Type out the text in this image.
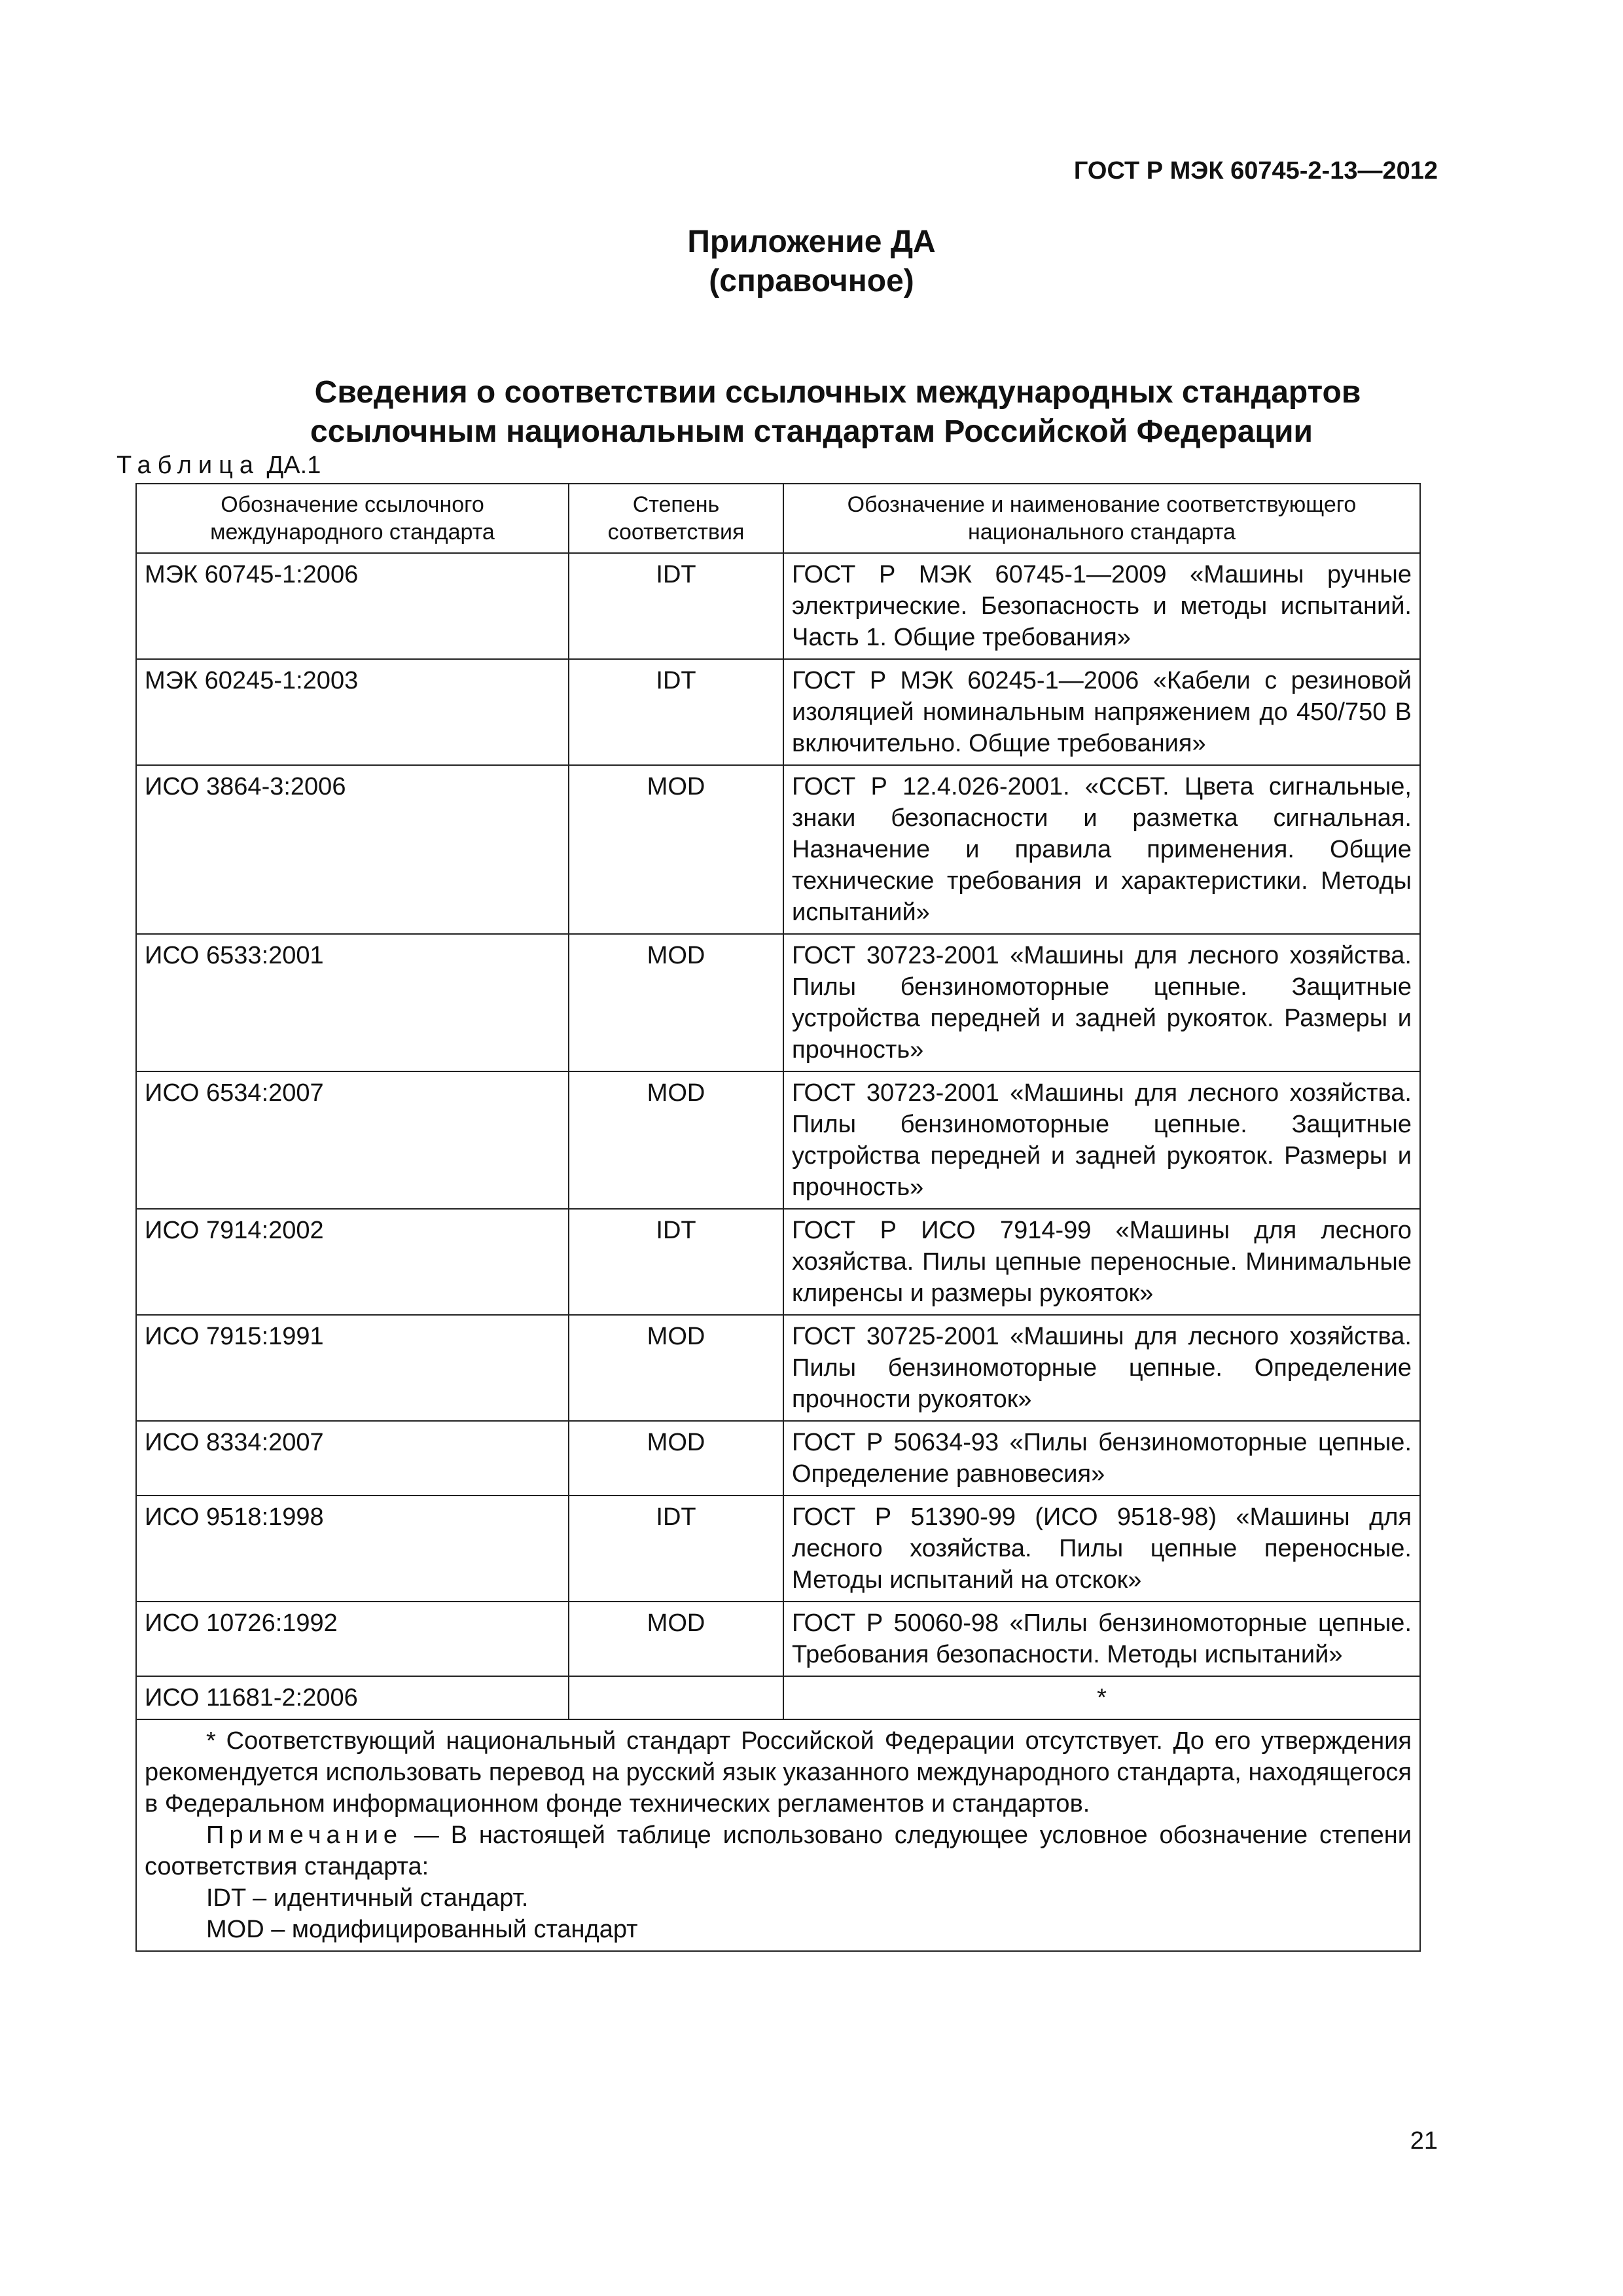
ГОСТ Р МЭК 60745-2-13—2012
Приложение ДА
(справочное)
Сведения о соответствии ссылочных международных стандартов
ссылочным национальным стандартам Российской Федерации
Таблица ДА.1
Обозначение ссылочного международного стандарта	Степень соответствия	Обозначение и наименование соответствующего национального стандарта
МЭК 60745-1:2006	IDT	ГОСТ Р МЭК 60745-1—2009 «Машины ручные электрические. Безопасность и методы испытаний. Часть 1. Общие требования»
МЭК 60245-1:2003	IDT	ГОСТ Р МЭК 60245-1—2006 «Кабели с резиновой изоляцией номинальным напряжением до 450/750 В включительно. Общие требования»
ИСО 3864-3:2006	MOD	ГОСТ Р 12.4.026-2001. «ССБТ. Цвета сигнальные, знаки безопасности и разметка сигнальная. Назначение и правила применения. Общие технические требования и характеристики. Методы испытаний»
ИСО 6533:2001	MOD	ГОСТ 30723-2001 «Машины для лесного хозяйства. Пилы бензиномоторные цепные. Защитные устройства передней и задней рукояток. Размеры и прочность»
ИСО 6534:2007	MOD	ГОСТ 30723-2001 «Машины для лесного хозяйства. Пилы бензиномоторные цепные. Защитные устройства передней и задней рукояток. Размеры и прочность»
ИСО 7914:2002	IDT	ГОСТ Р ИСО 7914-99 «Машины для лесного хозяйства. Пилы цепные переносные. Минимальные клиренсы и размеры рукояток»
ИСО 7915:1991	MOD	ГОСТ 30725-2001 «Машины для лесного хозяйства. Пилы бензиномоторные цепные. Определение прочности рукояток»
ИСО 8334:2007	MOD	ГОСТ Р 50634-93 «Пилы бензиномоторные цепные. Определение равновесия»
ИСО 9518:1998	IDT	ГОСТ Р 51390-99 (ИСО 9518-98) «Машины для лесного хозяйства. Пилы цепные переносные. Методы испытаний на отскок»
ИСО 10726:1992	MOD	ГОСТ Р 50060-98 «Пилы бензиномоторные цепные. Требования безопасности. Методы испытаний»
ИСО 11681-2:2006		*

* Соответствующий национальный стандарт Российской Федерации отсутствует. До его утверждения рекомендуется использовать перевод на русский язык указанного международного стандарта, находящегося в Федеральном информационном фонде технических регламентов и стандартов.

Примечание — В настоящей таблице использовано следующее условное обозначение степени соответствия стандарта:

IDT – идентичный стандарт.

MOD – модифицированный стандарт		

21
